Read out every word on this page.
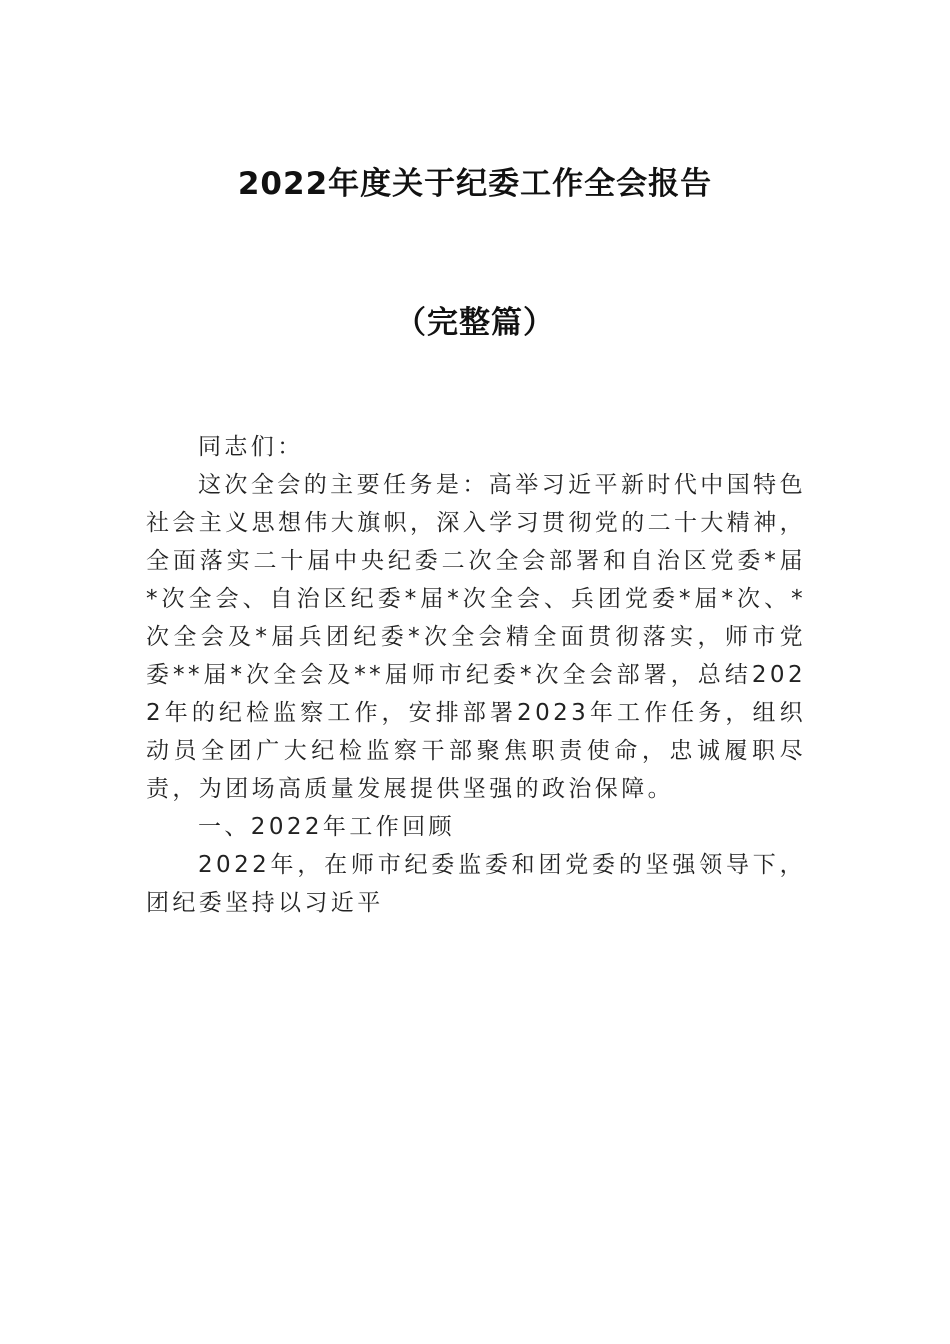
2022年度关于纪委工作全会报告
（完整篇）

同志们：

这次全会的主要任务是：高举习近平新时代中国特色社会主义思想伟大旗帜，深入学习贯彻党的二十大精神，全面落实二十届中央纪委二次全会部署和自治区党委*届*次全会、自治区纪委*届*次全会、兵团党委*届*次、*次全会及*届兵团纪委*次全会精全面贯彻落实，师市党委**届*次全会及**届师市纪委*次全会部署，总结2022年的纪检监察工作，安排部署2023年工作任务，组织动员全团广大纪检监察干部聚焦职责使命，忠诚履职尽责，为团场高质量发展提供坚强的政治保障。

一、2022年工作回顾

2022年，在师市纪委监委和团党委的坚强领导下，团纪委坚持以习近平
